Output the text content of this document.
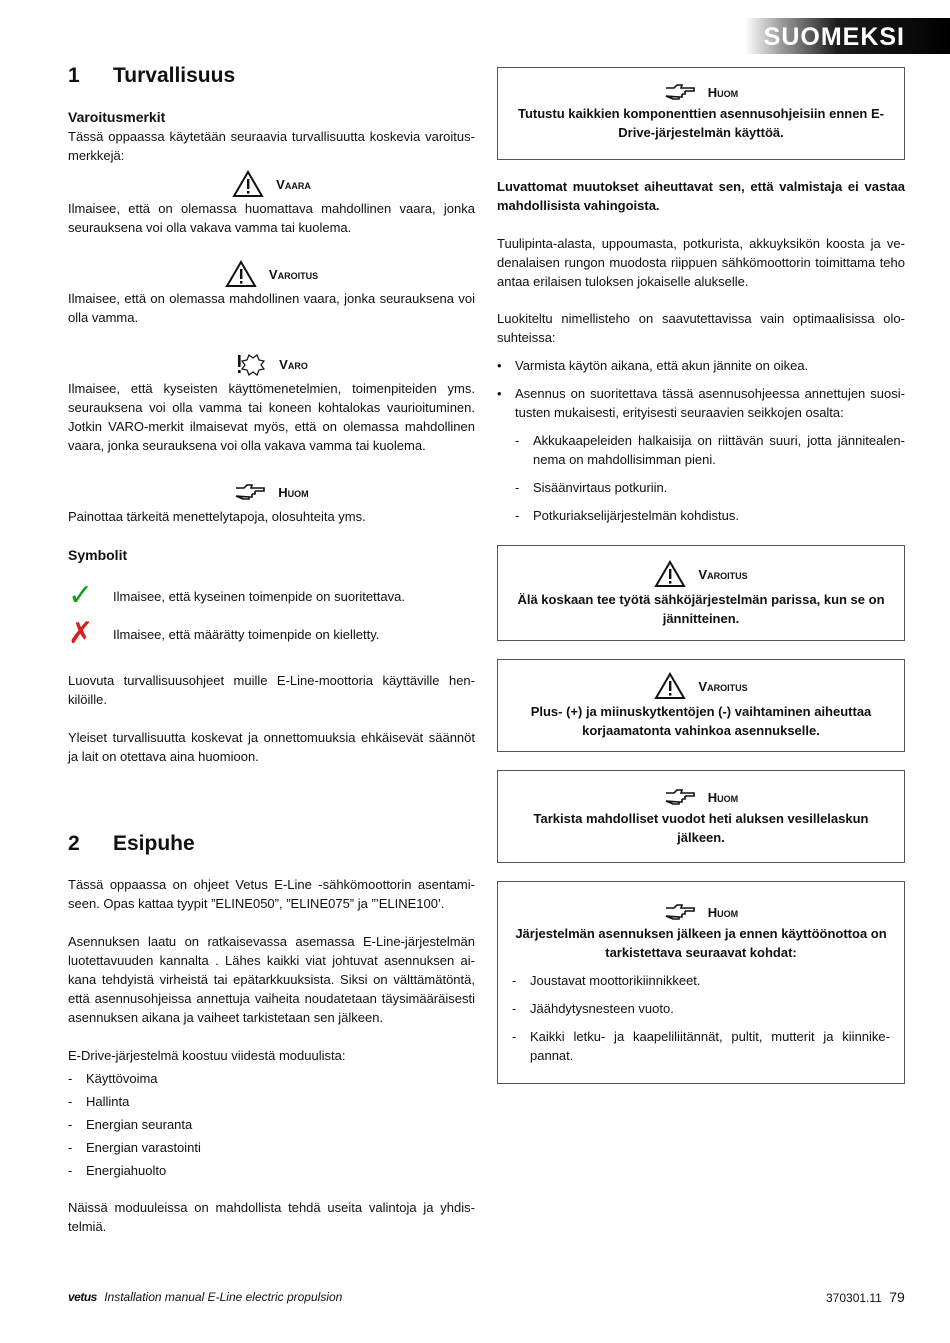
SUOMEKSI
1 Turvallisuus
Varoitusmerkit

Tässä oppaassa käytetään seuraavia turvallisuutta koskevia varoitusmerkkejä:

Vaara

Ilmaisee, että on olemassa huomattava mahdollinen vaara, jonka seurauksena voi olla vakava vamma tai kuolema.

Varoitus

Ilmaisee, että on olemassa mahdollinen vaara, jonka seurauksena voi olla vamma.

Varo

Ilmaisee, että kyseisten käyttömenetelmien, toimenpiteiden yms. seurauksena voi olla vamma tai koneen kohtalokas vaurioituminen. Jotkin VARO-merkit ilmaisevat myös, että on olemassa mahdollinen vaara, jonka seurauksena voi olla vakava vamma tai kuolema.

Huom

Painottaa tärkeitä menettelytapoja, olosuhteita yms.

Symbolit
✓	Ilmaisee, että kyseinen toimenpide on suoritettava.
✗	Ilmaisee, että määrätty toimenpide on kielletty.

Luovuta turvallisuusohjeet muille E-Line-moottoria käyttäville henkilöille.

Yleiset turvallisuutta koskevat ja onnettomuuksia ehkäisevät säännöt ja lait on otettava aina huomioon.

2 Esipuhe

Tässä oppaassa on ohjeet Vetus E-Line -sähkömoottorin asentamiseen. Opas kattaa tyypit ”ELINE050”, ”ELINE075” ja ”’ELINE100’.

Asennuksen laatu on ratkaisevassa asemassa E-Line-järjestelmän luotettavuuden kannalta . Lähes kaikki viat johtuvat asennuksen aikana tehdyistä virheistä tai epätarkkuuksista. Siksi on välttämätöntä, että asennusohjeissa annettuja vaiheita noudatetaan täysimääräisesti asennuksen aikana ja vaiheet tarkistetaan sen jälkeen.

E-Drive-järjestelmä koostuu viidestä moduulista:

- Käyttövoima
- Hallinta
- Energian seuranta
- Energian varastointi
- Energiahuolto

Näissä moduuleissa on mahdollista tehdä useita valintoja ja yhdistelmiä.

Huom

Tutustu kaikkien komponenttien asennusohjeisiin ennen E-Drive-järjestelmän käyttöä.

Luvattomat muutokset aiheuttavat sen, että valmistaja ei vastaa mahdollisista vahingoista.

Tuulipinta-alasta, uppoumasta, potkurista, akkuyksikön koosta ja vedenalaisen rungon muodosta riippuen sähkömoottorin toimittama teho antaa erilaisen tuloksen jokaiselle alukselle.

Luokiteltu nimellisteho on saavutettavissa vain optimaalisissa olosuhteissa:

• Varmista käytön aikana, että akun jännite on oikea.
• Asennus on suoritettava tässä asennusohjeessa annettujen suositusten mukaisesti, erityisesti seuraavien seikkojen osalta:
- Akkukaapeleiden halkaisija on riittävän suuri, jotta jännitealennema on mahdollisimman pieni.
- Sisäänvirtaus potkuriin.
- Potkuriakselijärjestelmän kohdistus.
Varoitus

Älä koskaan tee työtä sähköjärjestelmän parissa, kun se on jännitteinen.

Varoitus

Plus- (+) ja miinuskytkentöjen (-) vaihtaminen aiheuttaa korjaamatonta vahinkoa asennukselle.

Huom

Tarkista mahdolliset vuodot heti aluksen vesillelaskun jälkeen.

Huom

Järjestelmän asennuksen jälkeen ja ennen käyttöönottoa on tarkistettava seuraavat kohdat:

- Joustavat moottorikiinnikkeet.
- Jäähdytysnesteen vuoto.
- Kaikki letku- ja kaapeliliitännät, pultit, mutterit ja kiinnikepannat.
vetus Installation manual E-Line electric propulsion	370301.11 79
